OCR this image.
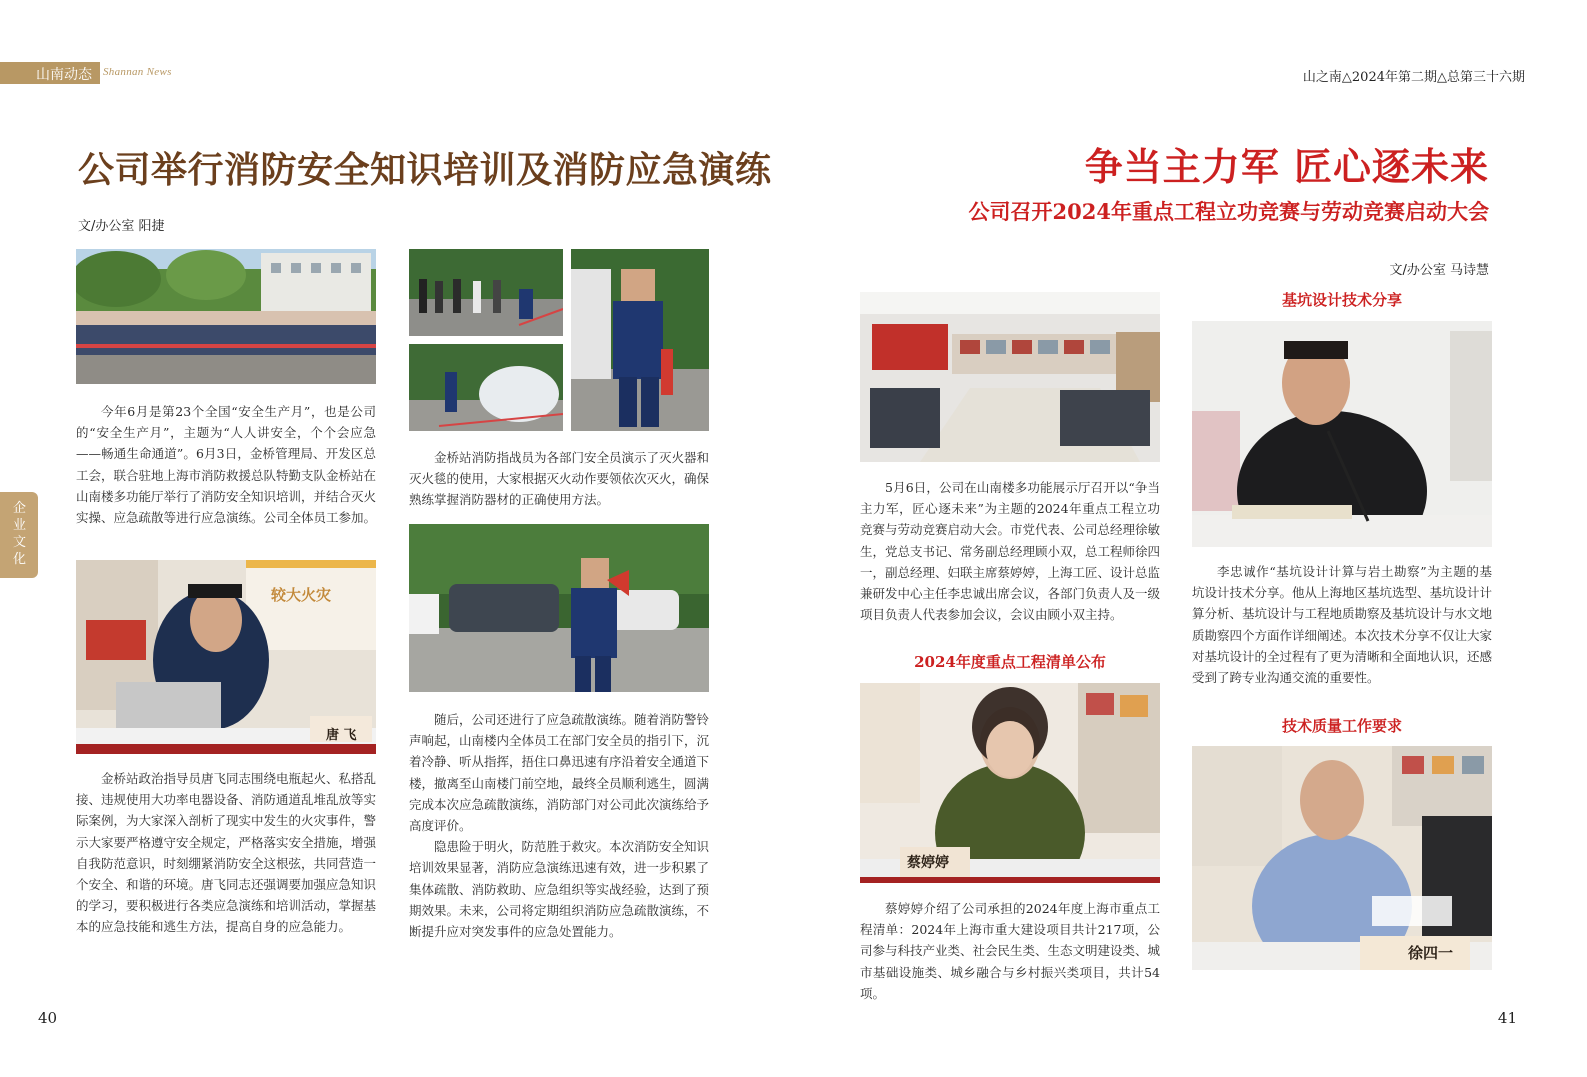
山南动态 Shannan News	山之南△2024年第二期△总第三十六期
企业文化
公司举行消防安全知识培训及消防应急演练
文/办公室 阳捷

今年6月是第23个全国“安全生产月”，也是公司的“安全生产月”，主题为“人人讲安全，个个会应急——畅通生命通道”。6月3日，金桥管理局、开发区总工会，联合驻地上海市消防救援总队特勤支队金桥站在山南楼多功能厅举行了消防安全知识培训，并结合灭火实操、应急疏散等进行应急演练。公司全体员工参加。

较大火灾
唐 飞

金桥站政治指导员唐飞同志围绕电瓶起火、私搭乱接、违规使用大功率电器设备、消防通道乱堆乱放等实际案例，为大家深入剖析了现实中发生的火灾事件，警示大家要严格遵守安全规定，严格落实安全措施，增强自我防范意识，时刻绷紧消防安全这根弦，共同营造一个安全、和谐的环境。唐飞同志还强调要加强应急知识的学习，要积极进行各类应急演练和培训活动，掌握基本的应急技能和逃生方法，提高自身的应急能力。

金桥站消防指战员为各部门安全员演示了灭火器和灭火毯的使用，大家根据灭火动作要领依次灭火，确保熟练掌握消防器材的正确使用方法。

随后，公司还进行了应急疏散演练。随着消防警铃声响起，山南楼内全体员工在部门安全员的指引下，沉着冷静、听从指挥，捂住口鼻迅速有序沿着安全通道下楼，撤离至山南楼门前空地，最终全员顺利逃生，圆满完成本次应急疏散演练，消防部门对公司此次演练给予高度评价。

隐患险于明火，防范胜于救灾。本次消防安全知识培训效果显著，消防应急演练迅速有效，进一步积累了集体疏散、消防救助、应急组织等实战经验，达到了预期效果。未来，公司将定期组织消防应急疏散演练，不断提升应对突发事件的应急处置能力。

40
争当主力军 匠心逐未来
公司召开2024年重点工程立功竞赛与劳动竞赛启动大会
文/办公室 马诗慧

5月6日，公司在山南楼多功能展示厅召开以“争当主力军，匠心逐未来”为主题的2024年重点工程立功竞赛与劳动竞赛启动大会。市党代表、公司总经理徐敏生，党总支书记、常务副总经理顾小双，总工程师徐四一，副总经理、妇联主席蔡婷婷，上海工匠、设计总监兼研发中心主任李忠诚出席会议，各部门负责人及一级项目负责人代表参加会议，会议由顾小双主持。

2024年度重点工程清单公布
蔡婷婷

蔡婷婷介绍了公司承担的2024年度上海市重点工程清单：2024年上海市重大建设项目共计217项，公司参与科技产业类、社会民生类、生态文明建设类、城市基础设施类、城乡融合与乡村振兴类项目，共计54项。

基坑设计技术分享

李忠诚作“基坑设计计算与岩土勘察”为主题的基坑设计技术分享。他从上海地区基坑选型、基坑设计计算分析、基坑设计与工程地质勘察及基坑设计与水文地质勘察四个方面作详细阐述。本次技术分享不仅让大家对基坑设计的全过程有了更为清晰和全面地认识，还感受到了跨专业沟通交流的重要性。

技术质量工作要求
徐四一
41
